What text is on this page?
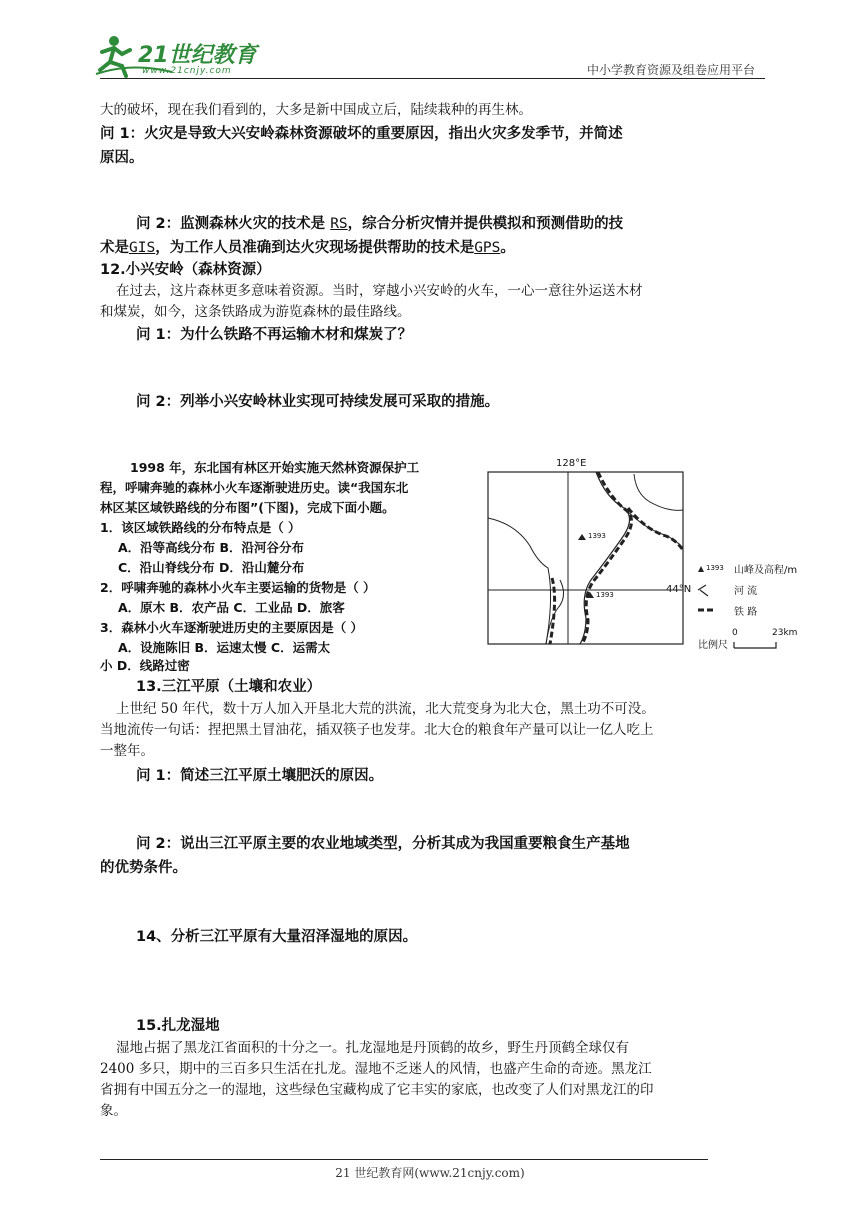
21世纪教育
www.21cnjy.com	中小学教育资源及组卷应用平台
大的破坏，现在我们看到的，大多是新中国成立后，陆续栽种的再生林。
问 1：火灾是导致大兴安岭森林资源破坏的重要原因，指出火灾多发季节，并简述
原因。
问 2：监测森林火灾的技术是 RS，综合分析灾情并提供模拟和预测借助的技
术是GIS，为工作人员准确到达火灾现场提供帮助的技术是GPS。
12.小兴安岭（森林资源）
在过去，这片森林更多意味着资源。当时，穿越小兴安岭的火车，一心一意往外运送木材
和煤炭，如今，这条铁路成为游览森林的最佳路线。
问 1：为什么铁路不再运输木材和煤炭了？
问 2：列举小兴安岭林业实现可持续发展可采取的措施。
1998 年，东北国有林区开始实施天然林资源保护工
程，呼啸奔驰的森林小火车逐渐驶进历史。读“我国东北
林区某区域铁路线的分布图”(下图)，完成下面小题。
1．该区域铁路线的分布特点是（ ）
A．沿等高线分布 B．沿河谷分布
C．沿山脊线分布 D．沿山麓分布
2．呼啸奔驰的森林小火车主要运输的货物是（ ）
A．原木 B．农产品 C．工业品 D．旅客
3．森林小火车逐渐驶进历史的主要原因是（ ）
A．设施陈旧 B．运速太慢 C．运需太
小 D．线路过密
128°E
44°N
1393
1393
1393 山峰及高程/m
河 流
铁 路
比例尺
0	23km
13.三江平原（土壤和农业）
上世纪 50 年代，数十万人加入开垦北大荒的洪流，北大荒变身为北大仓，黑土功不可没。
当地流传一句话：捏把黑土冒油花，插双筷子也发芽。北大仓的粮食年产量可以让一亿人吃上
一整年。
问 1：简述三江平原土壤肥沃的原因。
问 2：说出三江平原主要的农业地域类型，分析其成为我国重要粮食生产基地
的优势条件。
14、分析三江平原有大量沼泽湿地的原因。
15.扎龙湿地
湿地占据了黑龙江省面积的十分之一。扎龙湿地是丹顶鹤的故乡，野生丹顶鹤全球仅有
2400 多只，期中的三百多只生活在扎龙。湿地不乏迷人的风情，也盛产生命的奇迹。黑龙江
省拥有中国五分之一的湿地，这些绿色宝藏构成了它丰实的家底，也改变了人们对黑龙江的印
象。
21 世纪教育网(www.21cnjy.com)
